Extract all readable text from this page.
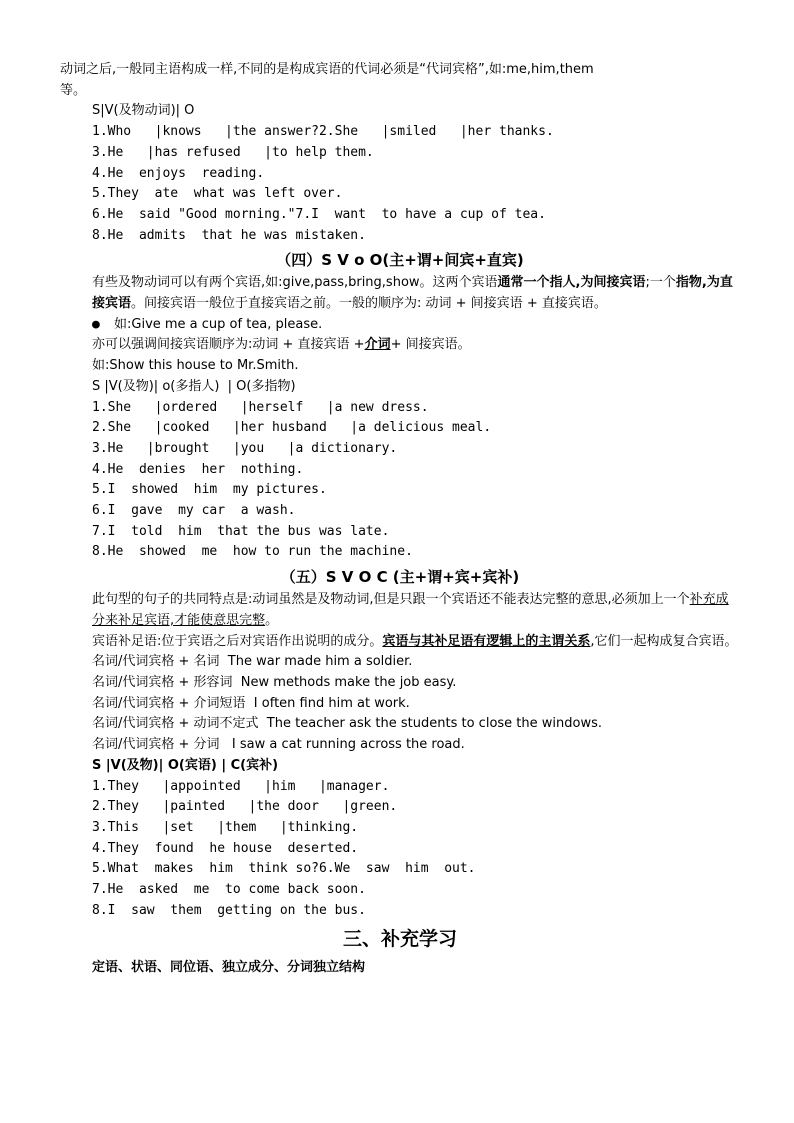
动词之后,一般同主语构成一样,不同的是构成宾语的代词必须是“代词宾格”,如:me,him,them
等。
S|V(及物动词)| O
1.Who   |knows   |the answer?2.She   |smiled   |her thanks.
3.He   |has refused   |to help them.
4.He  enjoys  reading.
5.They  ate  what was left over.
6.He  said "Good morning."7.I  want  to have a cup of tea.
8.He  admits  that he was mistaken.
（四）S V o O(主+谓+间宾+直宾)
有些及物动词可以有两个宾语,如:give,pass,bring,show。这两个宾语通常一个指人,为间接宾语;一个指物,为直接宾语。间接宾语一般位于直接宾语之前。一般的顺序为: 动词 + 间接宾语 + 直接宾语。
● 如:Give me a cup of tea, please.
亦可以强调间接宾语顺序为:动词 + 直接宾语 +介词+ 间接宾语。
如:Show this house to Mr.Smith.
S |V(及物)| o(多指人)  | O(多指物)
1.She   |ordered   |herself   |a new dress.
2.She   |cooked   |her husband   |a delicious meal.
3.He   |brought   |you   |a dictionary.
4.He  denies  her  nothing.
5.I  showed  him  my pictures.
6.I  gave  my car  a wash.
7.I  told  him  that the bus was late.
8.He  showed  me  how to run the machine.
（五）S V O C (主+谓+宾+宾补)
此句型的句子的共同特点是:动词虽然是及物动词,但是只跟一个宾语还不能表达完整的意思,必须加上一个补充成分来补足宾语,才能使意思完整。
宾语补足语:位于宾语之后对宾语作出说明的成分。宾语与其补足语有逻辑上的主谓关系,它们一起构成复合宾语。
名词/代词宾格 + 名词  The war made him a soldier.
名词/代词宾格 + 形容词  New methods make the job easy.
名词/代词宾格 + 介词短语  I often find him at work.
名词/代词宾格 + 动词不定式  The teacher ask the students to close the windows.
名词/代词宾格 + 分词   I saw a cat running across the road.
S |V(及物)| O(宾语) | C(宾补)
1.They   |appointed   |him   |manager.
2.They   |painted   |the door   |green.
3.This   |set   |them   |thinking.
4.They  found  he house  deserted.
5.What  makes  him  think so?6.We  saw  him  out.
7.He  asked  me  to come back soon.
8.I  saw  them  getting on the bus.
三、补充学习
定语、状语、同位语、独立成分、分词独立结构
